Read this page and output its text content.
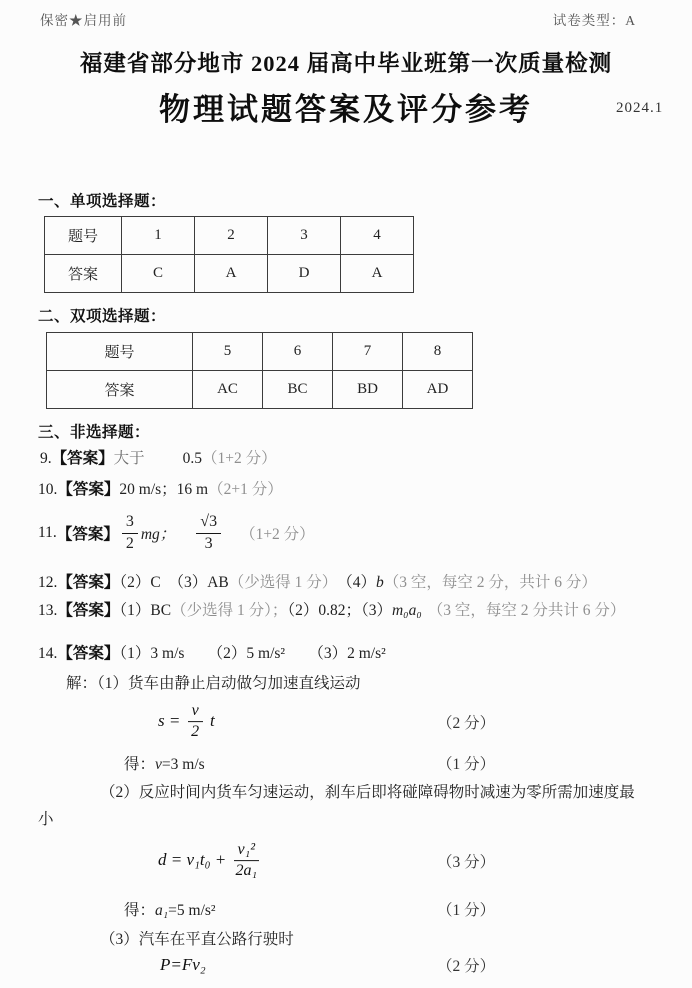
保密★启用前	试卷类型：A
福建省部分地市 2024 届高中毕业班第一次质量检测
物理试题答案及评分参考	2024.1
一、单项选择题：
题号	1	2	3	4
答案	C	A	D	A
二、双项选择题：
题号	5	6	7	8
答案	AC	BC	BD	AD
三、非选择题：
9.【答案】大于 0.5（1+2 分）
10.【答案】20 m/s；16 m（2+1 分）
11. 【答案】 $\frac{3}{2}$ mg； $\frac{√3}{3} (1+2$ 分）
12.【答案】（2）C　（3）AB（少选得 1 分）　（4）b（3 空，每空 2 分，共计 6 分）
13.【答案】（1）BC（少选得 1 分）；（2）0.82；（3）m₀a₀ （3 空，每空 2 分共计 6 分）
14.【答案】（1）3 m/s　　（2）5 m/s²　　（3）2 m/s²
解：（1）货车由静止启动做匀加速直线运动
$s = \frac{v}{2}$ t	（2 分）
得：v=3 m/s	（1 分）
（2）反应时间内货车匀速运动，刹车后即将碰障碍物时减速为零所需加速度最
小
$d = v_1t_0 + \frac{\text{v₁²}}{\text{2a₁}}$	（3 分）
得：a₁=5 m/s²	（1 分）
（3）汽车在平直公路行驶时
P=Fv₂	（2 分）
